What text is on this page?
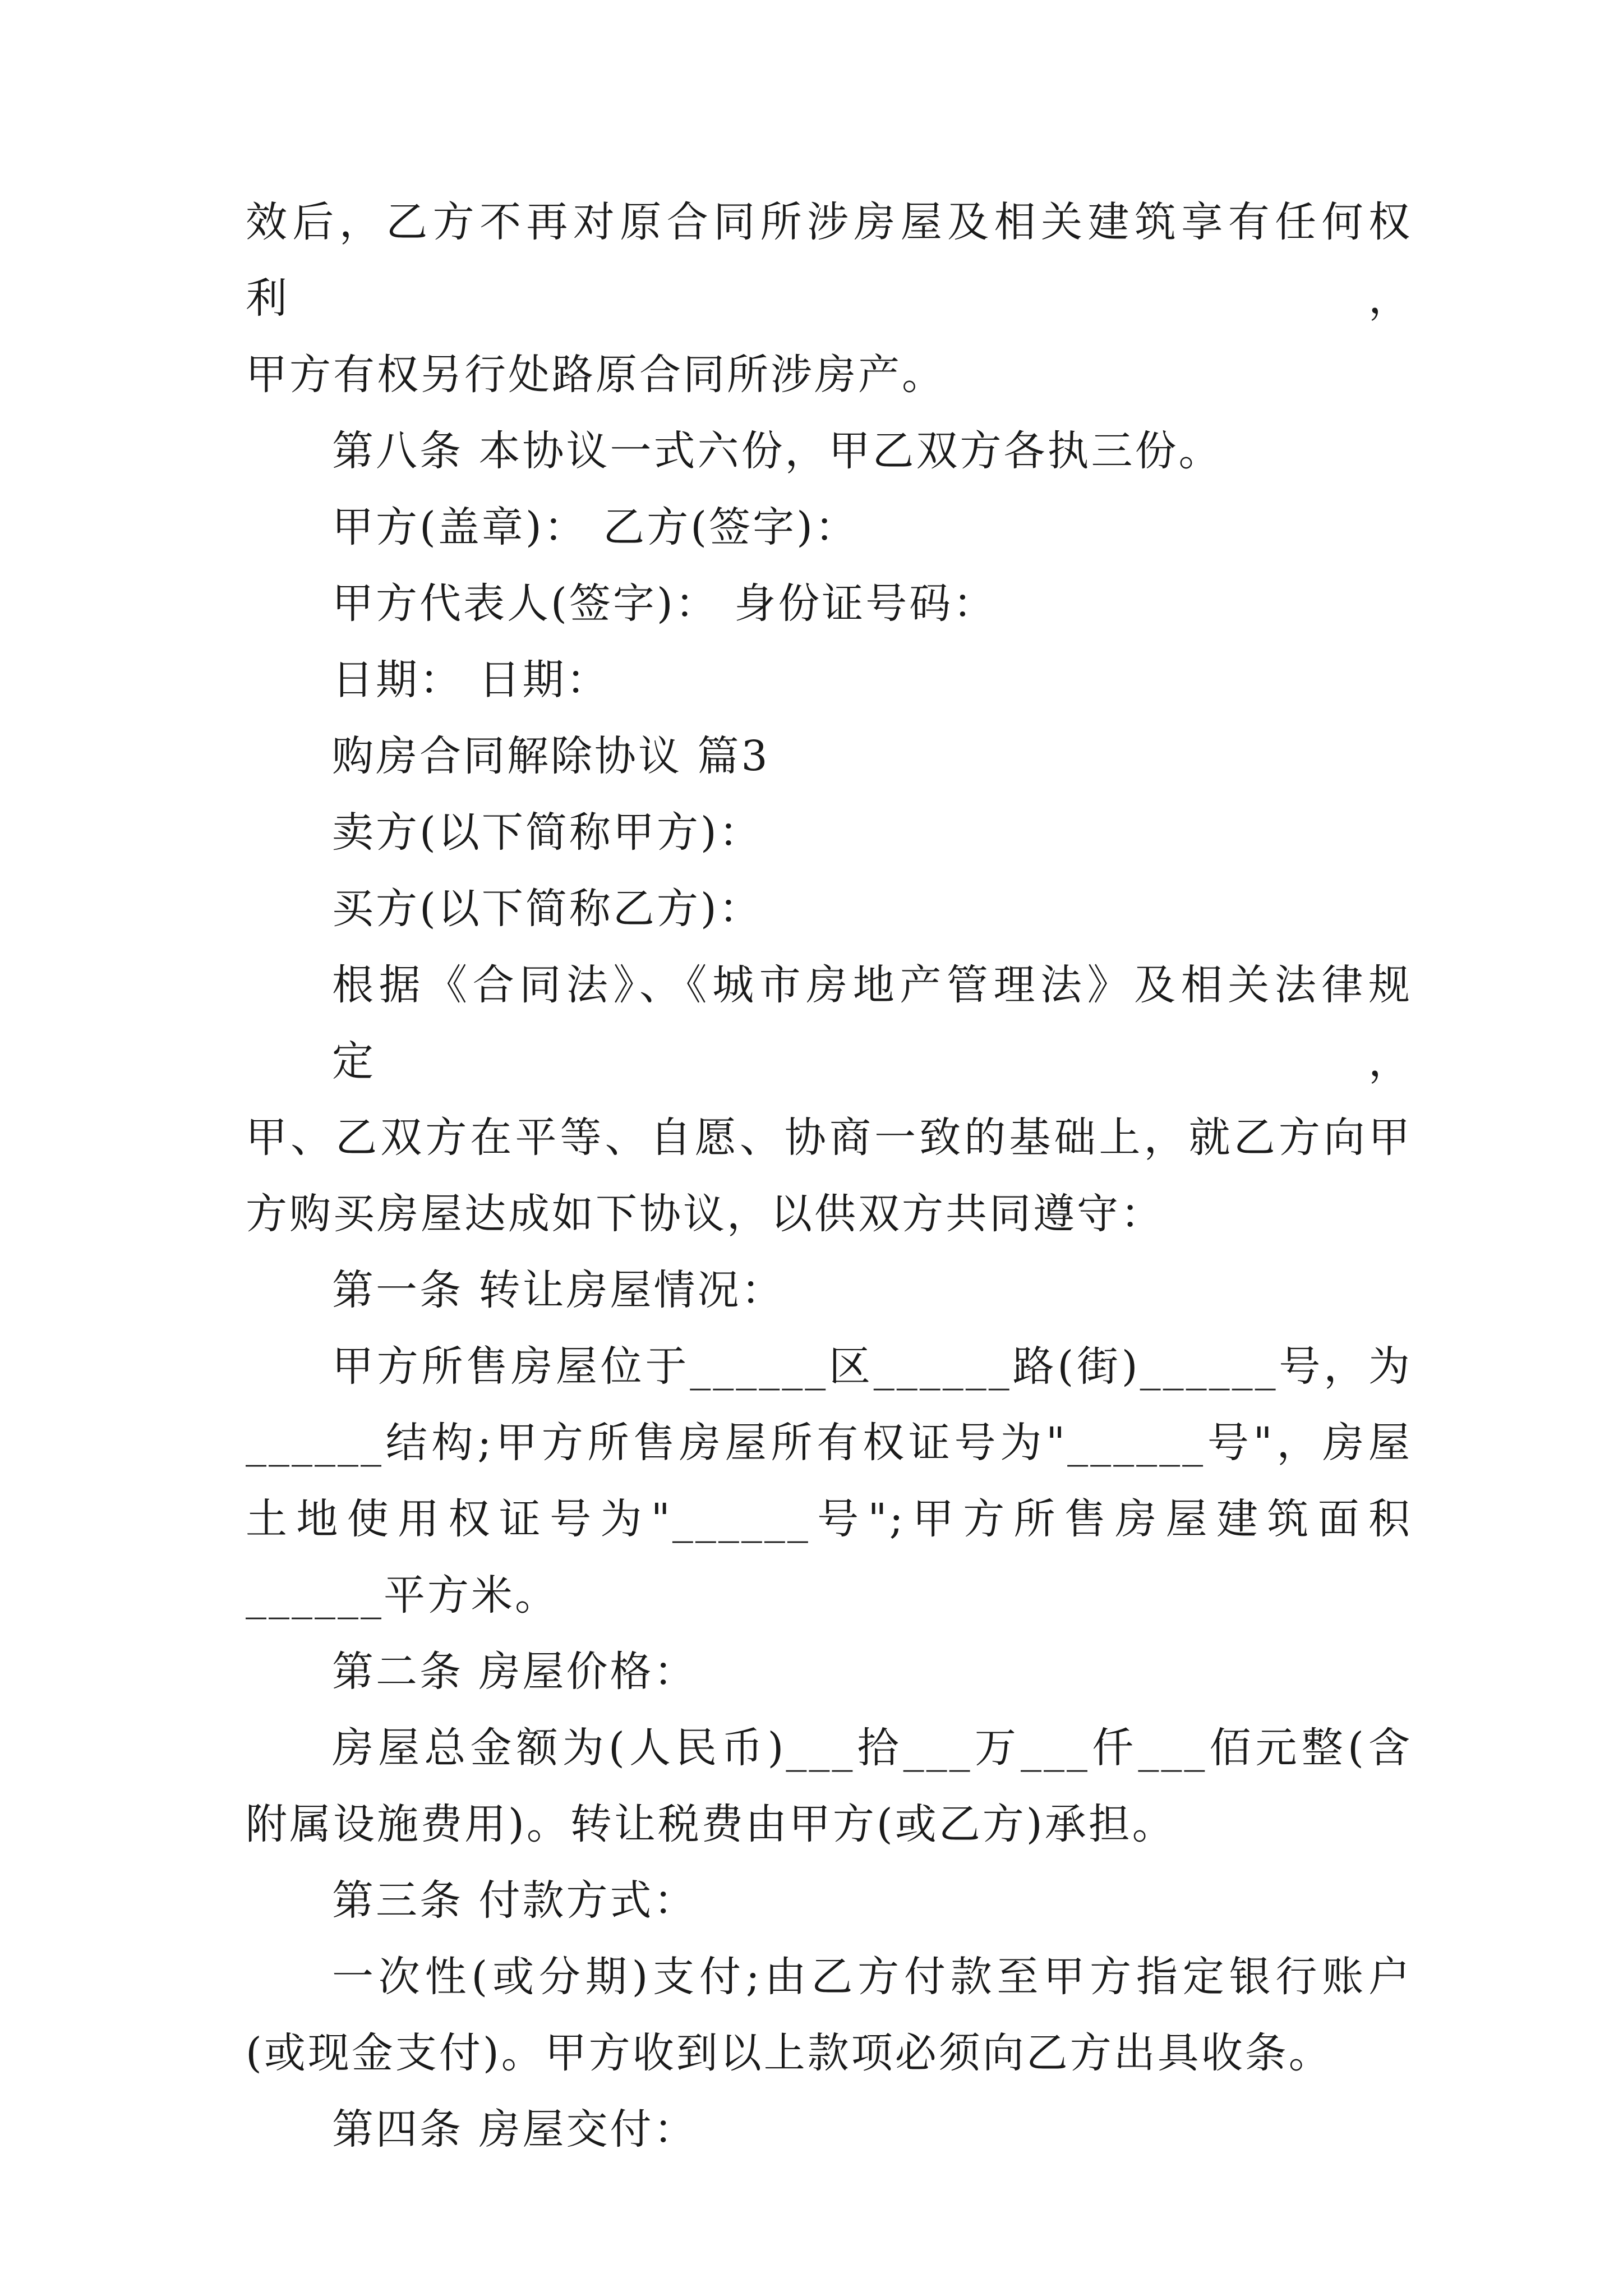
效后，乙方不再对原合同所涉房屋及相关建筑享有任何权利，
甲方有权另行处路原合同所涉房产。

第八条 本协议一式六份，甲乙双方各执三份。

甲方(盖章)： 乙方(签字)：

甲方代表人(签字)： 身份证号码：

日期： 日期：

购房合同解除协议 篇3

卖方(以下简称甲方)：

买方(以下简称乙方)：

根据《合同法》、《城市房地产管理法》及相关法律规定，
甲、乙双方在平等、自愿、协商一致的基础上，就乙方向甲
方购买房屋达成如下协议，以供双方共同遵守：

第一条 转让房屋情况：

甲方所售房屋位于______区______路(街)______号，为
______结构;甲方所售房屋所有权证号为"______号"，房屋
土地使用权证号为"______号";甲方所售房屋建筑面积
______平方米。

第二条 房屋价格：

房屋总金额为(人民币)___拾___万___仟___佰元整(含
附属设施费用)。转让税费由甲方(或乙方)承担。

第三条 付款方式：

一次性(或分期)支付;由乙方付款至甲方指定银行账户
(或现金支付)。甲方收到以上款项必须向乙方出具收条。

第四条 房屋交付：
